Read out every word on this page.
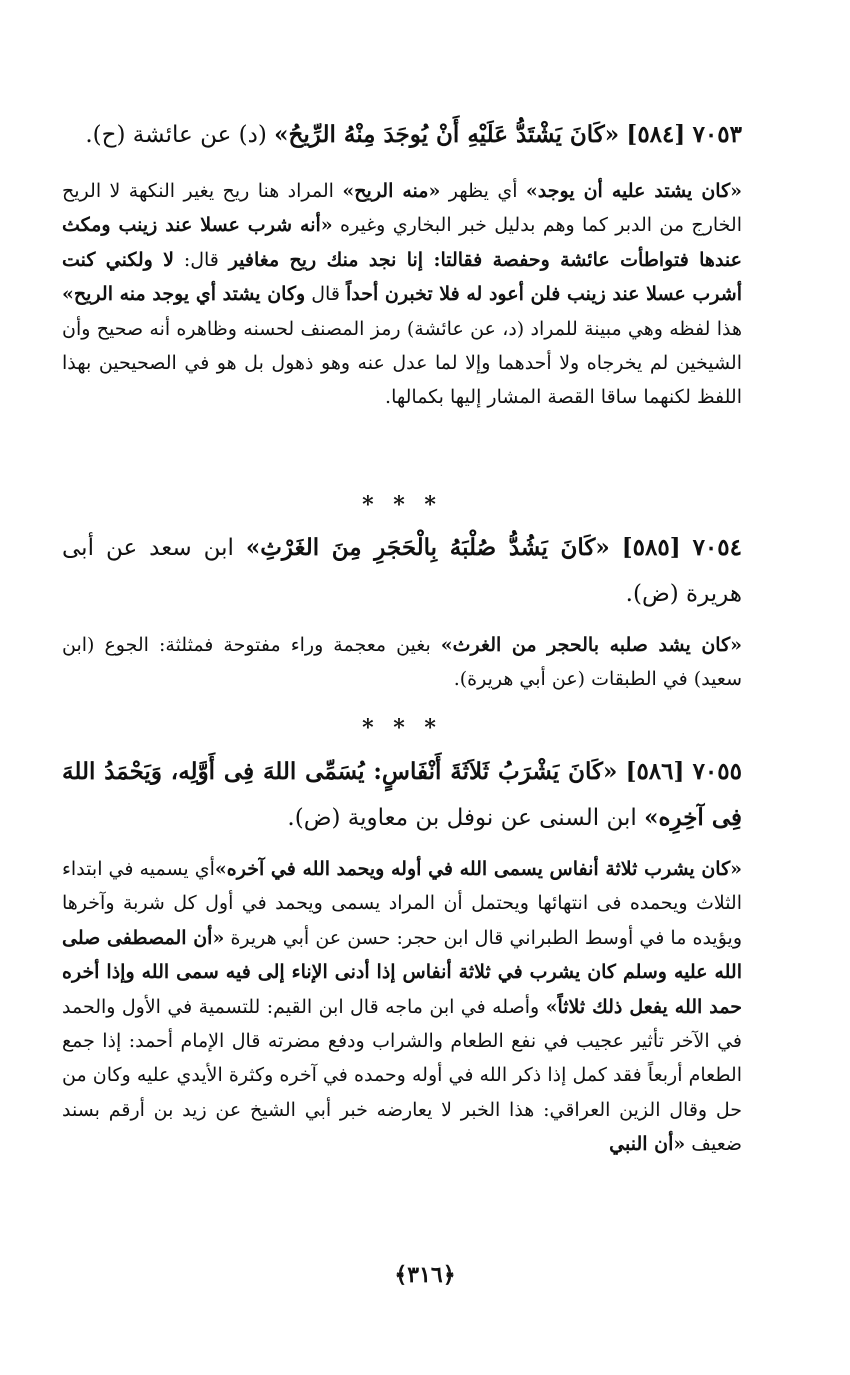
٧٠٥٣ [٥٨٤] «كَانَ يَشْتَدُّ عَلَيْهِ أَنْ يُوجَدَ مِنْهُ الرِّيحُ» (د) عن عائشة (ح).

«كان يشتد عليه أن يوجد» أي يظهر «منه الريح» المراد هنا ريح يغير النكهة لا الريح الخارج من الدبر كما وهم بدليل خبر البخاري وغيره «أنه شرب عسلا عند زينب ومكث عندها فتواطأت عائشة وحفصة فقالتا: إنا نجد منك ريح مغافير قال: لا ولكني كنت أشرب عسلا عند زينب فلن أعود له فلا تخبرن أحداً قال وكان يشتد أي يوجد منه الريح» هذا لفظه وهي مبينة للمراد (د، عن عائشة) رمز المصنف لحسنه وظاهره أنه صحيح وأن الشيخين لم يخرجاه ولا أحدهما وإلا لما عدل عنه وهو ذهول بل هو في الصحيحين بهذا اللفظ لكنهما ساقا القصة المشار إليها بكمالها.

* * *
٧٠٥٤ [٥٨٥] «كَانَ يَشُدُّ صُلْبَهُ بِالْحَجَرِ مِنَ الغَرْثِ» ابن سعد عن أبى هريرة (ض).

«كان يشد صلبه بالحجر من الغرث» بغين معجمة وراء مفتوحة فمثلثة: الجوع (ابن سعيد) في الطبقات (عن أبي هريرة).

* * *
٧٠٥٥ [٥٨٦] «كَانَ يَشْرَبُ ثَلاَثَةَ أَنْفَاسٍ: يُسَمِّى اللهَ فِى أَوَّلِه، وَيَحْمَدُ اللهَ فِى آخِرِه» ابن السنى عن نوفل بن معاوية (ض).

«كان يشرب ثلاثة أنفاس يسمى الله في أوله ويحمد الله في آخره»أي يسميه في ابتداء الثلاث ويحمده فى انتهائها ويحتمل أن المراد يسمى ويحمد في أول كل شربة وآخرها ويؤيده ما في أوسط الطبراني قال ابن حجر: حسن عن أبي هريرة «أن المصطفى صلى الله عليه وسلم كان يشرب في ثلاثة أنفاس إذا أدنى الإناء إلى فيه سمى الله وإذا أخره حمد الله يفعل ذلك ثلاثاً» وأصله في ابن ماجه قال ابن القيم: للتسمية في الأول والحمد في الآخر تأثير عجيب في نفع الطعام والشراب ودفع مضرته قال الإمام أحمد: إذا جمع الطعام أربعاً فقد كمل إذا ذكر الله في أوله وحمده في آخره وكثرة الأيدي عليه وكان من حل وقال الزين العراقي: هذا الخبر لا يعارضه خبر أبي الشيخ عن زيد بن أرقم بسند ضعيف «أن النبي

﴿٣١٦﴾
